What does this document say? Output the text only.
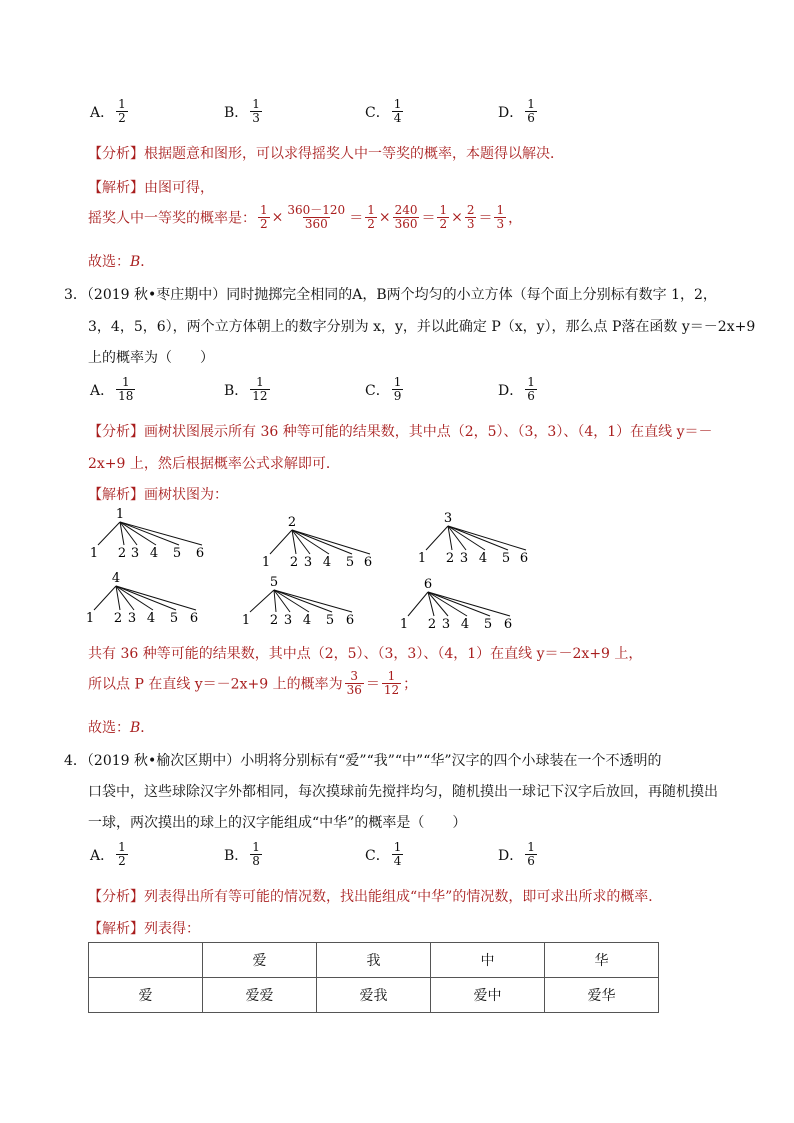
A． $\frac{1}{2}$	B． $\frac{1}{3}$	C． $\frac{1}{4}$	D． $\frac{1}{6}$
【分析】根据题意和图形，可以求得摇奖人中一等奖的概率，本题得以解决．
【解析】由图可得，
摇奖人中一等奖的概率是： $\frac{1}{2} \times \frac{360-120}{360} = \frac{1}{2} \times \frac{240}{360} = \frac{1}{2} \times \frac{2}{3} = \frac{1}{3}$ ，
故选：B．
3．（2019 秋•枣庄期中）同时抛掷完全相同的A，B两个均匀的小立方体（每个面上分别标有数字 1，2，
3，4，5，6），两个立方体朝上的数字分别为 x，y，并以此确定 P（x，y），那么点 P落在函数 y＝－2x+9
上的概率为（　　）
A． $\frac{1}{18}$	B． $\frac{1}{12}$	C． $\frac{1}{9}$	D． $\frac{1}{6}$
【分析】画树状图展示所有 36 种等可能的结果数，其中点（2，5）、（3，3）、（4，1）在直线 y＝－
2x+9 上，然后根据概率公式求解即可．
【解析】画树状图为：
1
1 2 3 4 5 6
2
1 2 3 4 5 6
3
1 2 3 4 5 6
4
1 2 3 4 5 6
5
1 2 3 4 5 6
6
1 2 3 4 5 6
共有 36 种等可能的结果数，其中点（2，5）、（3，3）、（4，1）在直线 y＝－2x+9 上，
所以点 P 在直线 y＝－2x+9 上的概率为 $\frac{3}{36} = \frac{1}{12}$ ；
故选：B．
4．（2019 秋•榆次区期中）小明将分别标有“爱”“我”“中”“华”汉字的四个小球装在一个不透明的
口袋中，这些球除汉字外都相同，每次摸球前先搅拌均匀，随机摸出一球记下汉字后放回，再随机摸出
一球，两次摸出的球上的汉字能组成“中华”的概率是（　　）
A． $\frac{1}{2}$	B． $\frac{1}{8}$	C． $\frac{1}{4}$	D． $\frac{1}{6}$
【分析】列表得出所有等可能的情况数，找出能组成“中华”的情况数，即可求出所求的概率．
【解析】列表得：
	爱	我	中	华
爱	爱爱	爱我	爱中	爱华
